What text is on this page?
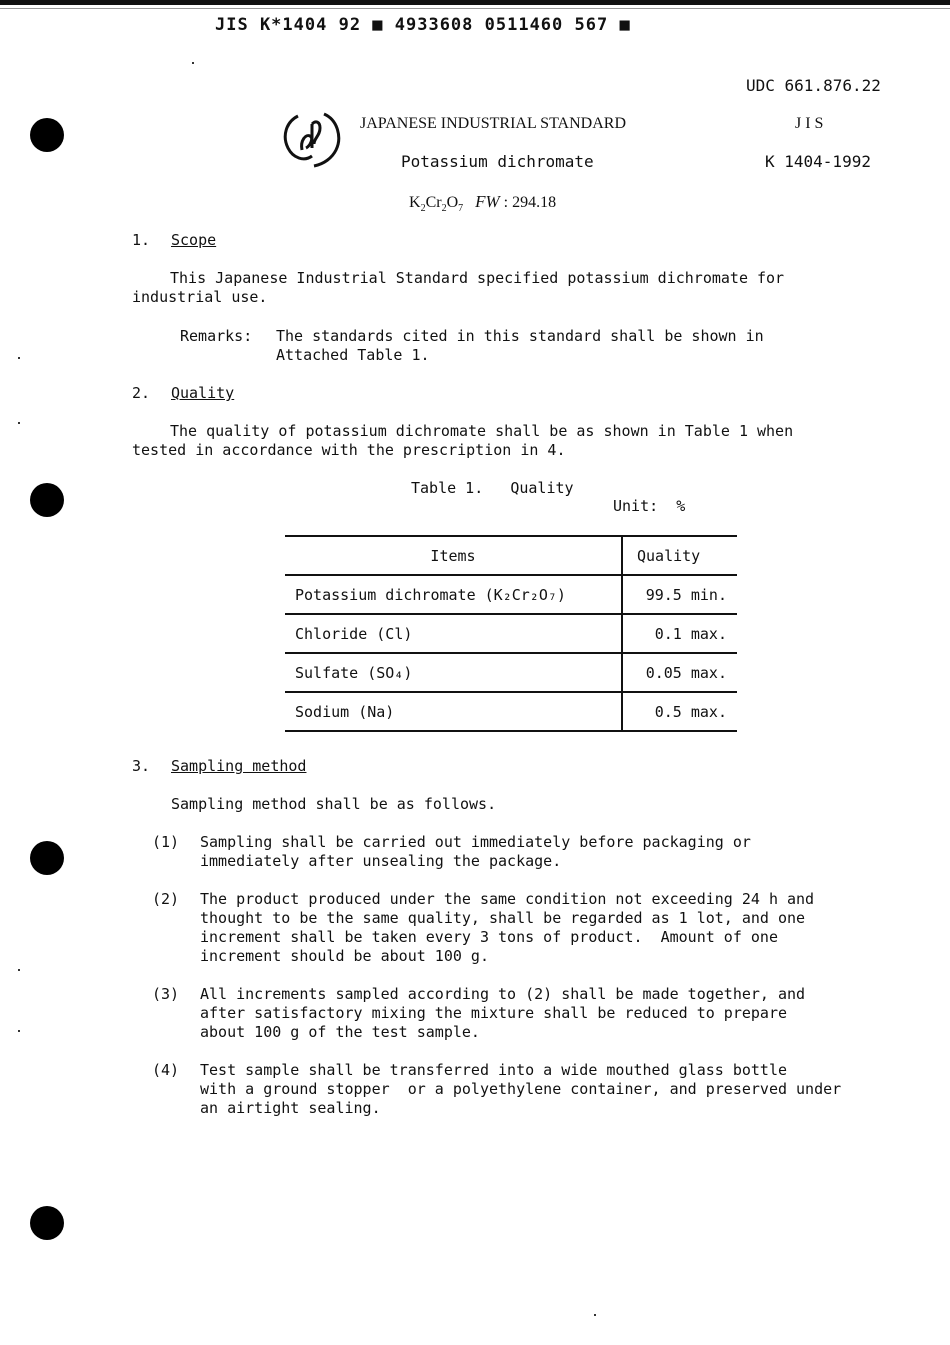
JIS K*1404 92 ■ 4933608 0511460 567 ■
UDC 661.876.22
JAPANESE INDUSTRIAL STANDARD	J I S
Potassium dichromate	K 1404-1992
$K_2Cr_2O_7$ FW : 294.18
1. Scope
This Japanese Industrial Standard specified potassium dichromate for
industrial use.
Remarks: The standards cited in this standard shall be shown in
Attached Table 1.
2. Quality
The quality of potassium dichromate shall be as shown in Table 1 when
tested in accordance with the prescription in 4.
Table 1.   Quality
Unit:  %
Items	Quality
Potassium dichromate (K₂Cr₂O₇)	99.5 min.
Chloride (Cl)	0.1 max.
Sulfate (SO₄)	0.05 max.
Sodium (Na)	0.5 max.
3. Sampling method
Sampling method shall be as follows.
(1) Sampling shall be carried out immediately before packaging or
immediately after unsealing the package.
(2) The product produced under the same condition not exceeding 24 h and
thought to be the same quality, shall be regarded as 1 lot, and one
increment shall be taken every 3 tons of product.  Amount of one
increment should be about 100 g.
(3) All increments sampled according to (2) shall be made together, and
after satisfactory mixing the mixture shall be reduced to prepare
about 100 g of the test sample.
(4) Test sample shall be transferred into a wide mouthed glass bottle
with a ground stopper  or a polyethylene container, and preserved under
an airtight sealing.
